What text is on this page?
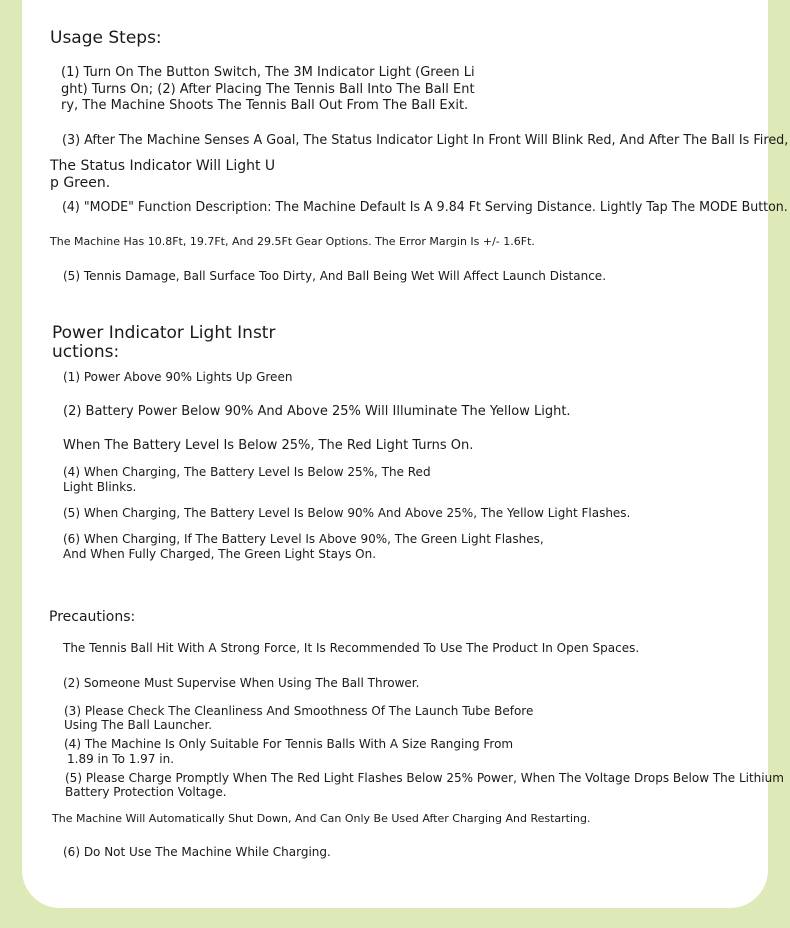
Usage Steps:
(1) Turn On The Button Switch, The 3M Indicator Light (Green Li
ght) Turns On; (2) After Placing The Tennis Ball Into The Ball Ent
ry, The Machine Shoots The Tennis Ball Out From The Ball Exit.
(3) After The Machine Senses A Goal, The Status Indicator Light In Front Will Blink Red, And After The Ball Is Fired,
The Status Indicator Will Light U
p Green.
(4) "MODE" Function Description: The Machine Default Is A 9.84 Ft Serving Distance. Lightly Tap The MODE Button.
The Machine Has 10.8Ft, 19.7Ft, And 29.5Ft Gear Options. The Error Margin Is +/- 1.6Ft.
(5) Tennis Damage, Ball Surface Too Dirty, And Ball Being Wet Will Affect Launch Distance.
Power Indicator Light Instr
uctions:
(1) Power Above 90% Lights Up Green
(2) Battery Power Below 90% And Above 25% Will Illuminate The Yellow Light.
When The Battery Level Is Below 25%, The Red Light Turns On.
(4) When Charging, The Battery Level Is Below 25%, The Red
Light Blinks.
(5) When Charging, The Battery Level Is Below 90% And Above 25%, The Yellow Light Flashes.
(6) When Charging, If The Battery Level Is Above 90%, The Green Light Flashes,
And When Fully Charged, The Green Light Stays On.
Precautions:
The Tennis Ball Hit With A Strong Force, It Is Recommended To Use The Product In Open Spaces.
(2) Someone Must Supervise When Using The Ball Thrower.
(3) Please Check The Cleanliness And Smoothness Of The Launch Tube Before
Using The Ball Launcher.
(4) The Machine Is Only Suitable For Tennis Balls With A Size Ranging From
1.89 in To 1.97 in.
(5) Please Charge Promptly When The Red Light Flashes Below 25% Power, When The Voltage Drops Below The Lithium
Battery Protection Voltage.
The Machine Will Automatically Shut Down, And Can Only Be Used After Charging And Restarting.
(6) Do Not Use The Machine While Charging.
